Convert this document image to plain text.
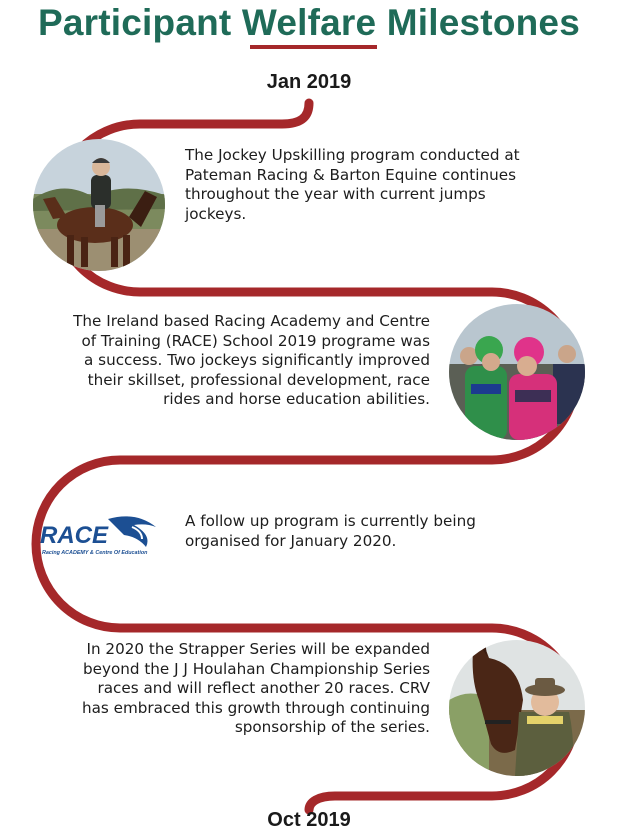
Participant Welfare Milestones
Jan 2019
The Jockey Upskilling program conducted at Pateman Racing & Barton Equine continues throughout the year with current jumps jockeys.
The Ireland based Racing Academy and Centre of Training (RACE) School 2019 programe was a success. Two jockeys significantly improved their skillset, professional development, race rides and horse education abilities.
RACE
Racing ACADEMY & Centre Of Education
A follow up program is currently being organised for January 2020.
In 2020 the Strapper Series will be expanded beyond the J J Houlahan Championship Series races and will reflect another 20 races. CRV has embraced this growth through continuing sponsorship of the series.
Oct 2019
